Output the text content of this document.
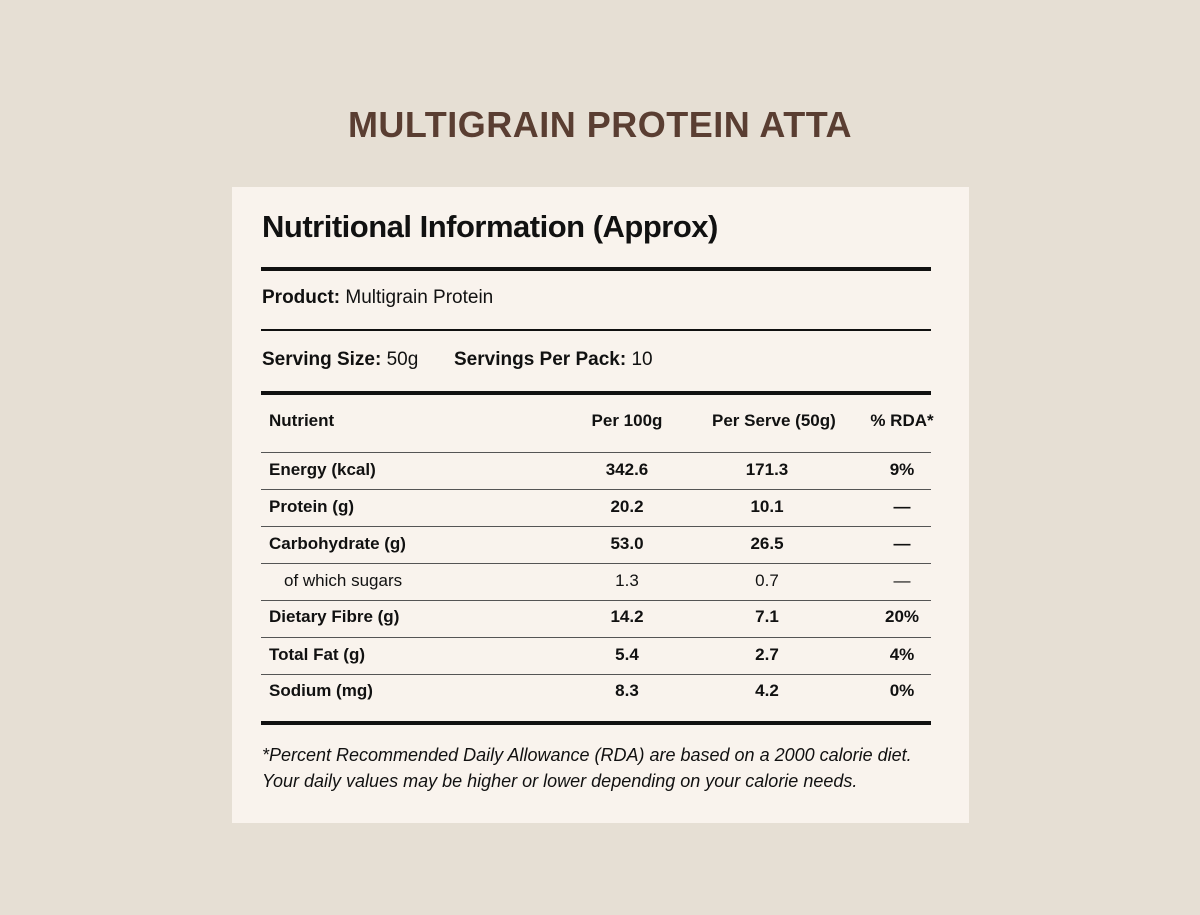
MULTIGRAIN PROTEIN ATTA
Nutritional Information (Approx)
Product: Multigrain Protein
Serving Size: 50g Servings Per Pack: 10
Nutrient	Per 100g	Per Serve (50g)	% RDA*
Energy (kcal)	342.6	171.3	9%
Protein (g)	20.2	10.1	—
Carbohydrate (g)	53.0	26.5	—
of which sugars	1.3	0.7	—
Dietary Fibre (g)	14.2	7.1	20%
Total Fat (g)	5.4	2.7	4%
Sodium (mg)	8.3	4.2	0%
*Percent Recommended Daily Allowance (RDA) are based on a 2000 calorie diet.
Your daily values may be higher or lower depending on your calorie needs.
